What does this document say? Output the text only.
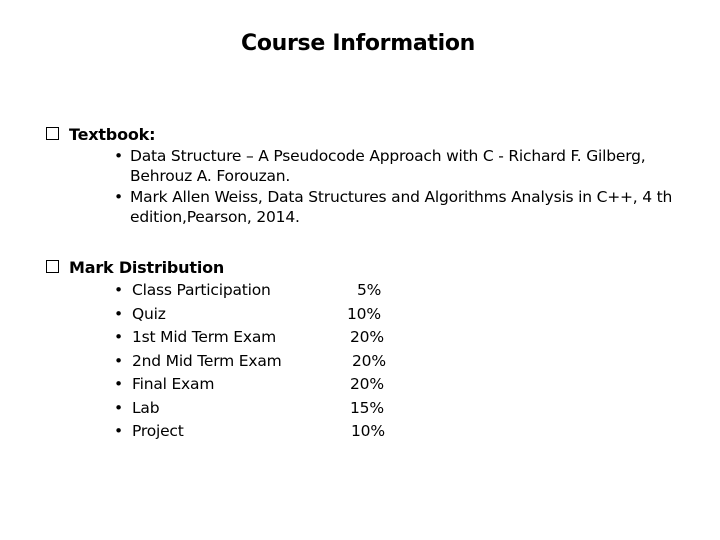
Course Information
Textbook:
• Data Structure – A Pseudocode Approach with C - Richard F. Gilberg, Behrouz A. Forouzan.
• Mark Allen Weiss, Data Structures and Algorithms Analysis in C++, 4 th edition,Pearson, 2014.
Mark Distribution
• Class Participation	5%
• Quiz	10%
• 1st Mid Term Exam	20%
• 2nd Mid Term Exam	20%
• Final Exam	20%
• Lab	15%
• Project	10%
